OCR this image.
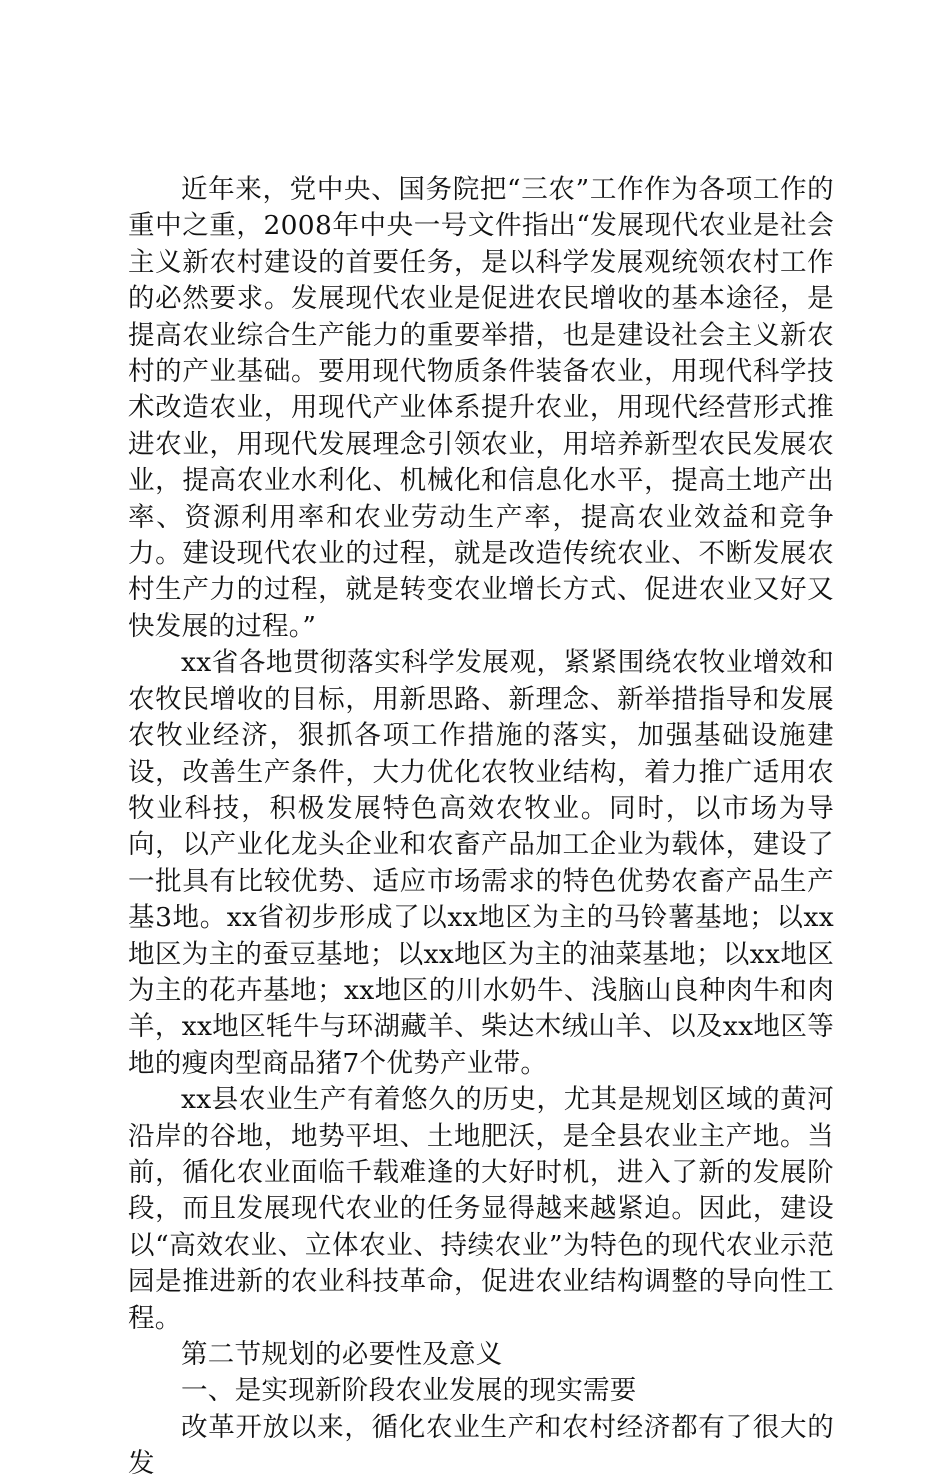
近年来，党中央、国务院把“三农”工作作为各项工作的重中之重，2008年中央一号文件指出“发展现代农业是社会主义新农村建设的首要任务，是以科学发展观统领农村工作的必然要求。发展现代农业是促进农民增收的基本途径，是提高农业综合生产能力的重要举措，也是建设社会主义新农村的产业基础。要用现代物质条件装备农业，用现代科学技术改造农业，用现代产业体系提升农业，用现代经营形式推进农业，用现代发展理念引领农业，用培养新型农民发展农业，提高农业水利化、机械化和信息化水平，提高土地产出率、资源利用率和农业劳动生产率，提高农业效益和竞争力。建设现代农业的过程，就是改造传统农业、不断发展农村生产力的过程，就是转变农业增长方式、促进农业又好又快发展的过程。”

xx省各地贯彻落实科学发展观，紧紧围绕农牧业增效和农牧民增收的目标，用新思路、新理念、新举措指导和发展农牧业经济，狠抓各项工作措施的落实，加强基础设施建设，改善生产条件，大力优化农牧业结构，着力推广适用农牧业科技，积极发展特色高效农牧业。同时，以市场为导向，以产业化龙头企业和农畜产品加工企业为载体，建设了一批具有比较优势、适应市场需求的特色优势农畜产品生产基3地。xx省初步形成了以xx地区为主的马铃薯基地；以xx地区为主的蚕豆基地；以xx地区为主的油菜基地；以xx地区为主的花卉基地；xx地区的川水奶牛、浅脑山良种肉牛和肉羊，xx地区牦牛与环湖藏羊、柴达木绒山羊、以及xx地区等地的瘦肉型商品猪7个优势产业带。

xx县农业生产有着悠久的历史，尤其是规划区域的黄河沿岸的谷地，地势平坦、土地肥沃，是全县农业主产地。当前，循化农业面临千载难逢的大好时机，进入了新的发展阶段，而且发展现代农业的任务显得越来越紧迫。因此，建设以“高效农业、立体农业、持续农业”为特色的现代农业示范园是推进新的农业科技革命，促进农业结构调整的导向性工程。

第二节规划的必要性及意义

一、是实现新阶段农业发展的现实需要

改革开放以来，循化农业生产和农村经济都有了很大的发
